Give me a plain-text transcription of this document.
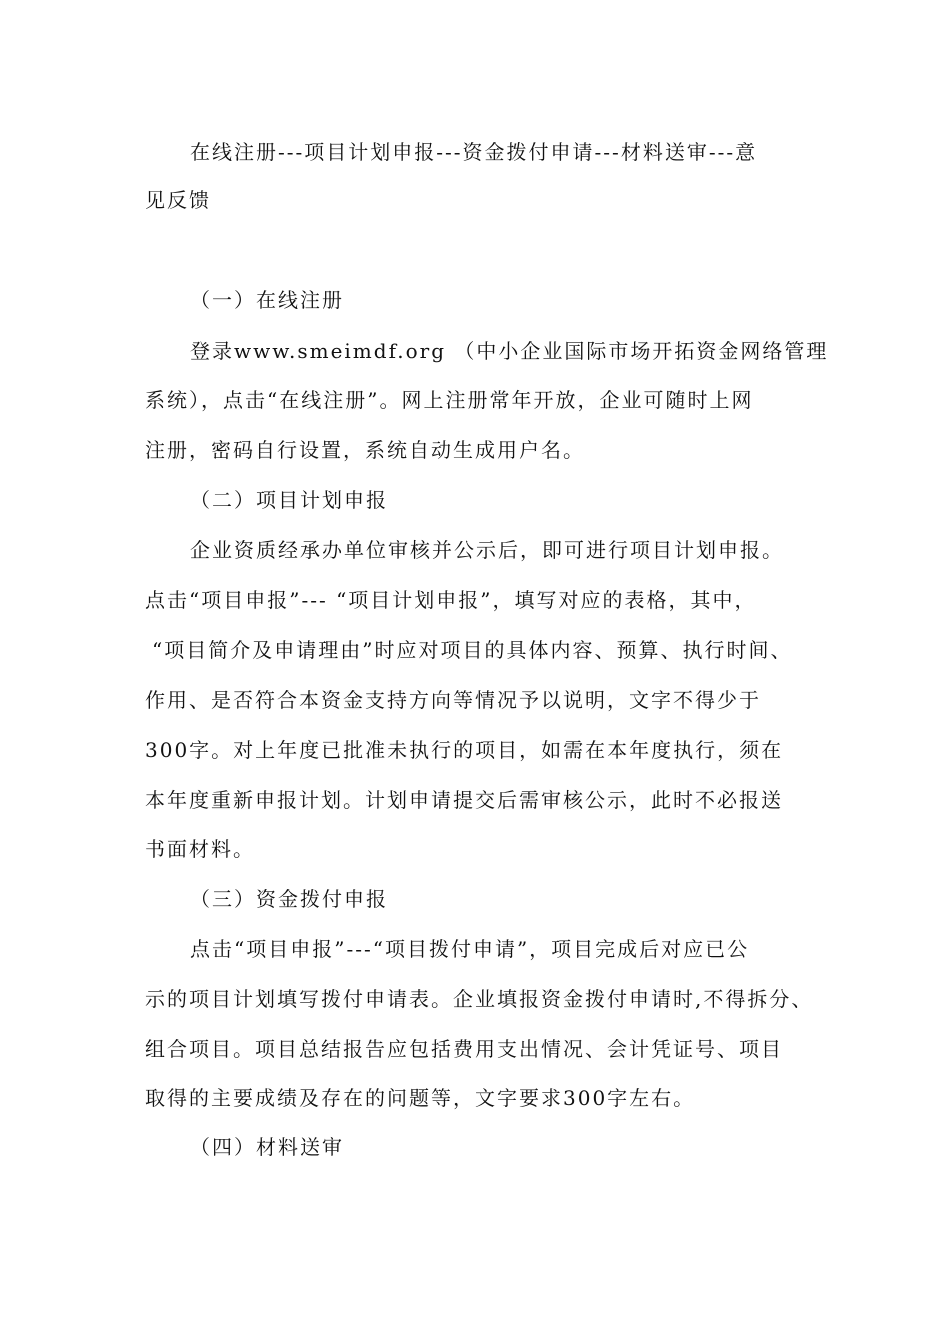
在线注册---项目计划申报---资金拨付申请---材料送审---意
见反馈
（一）在线注册
登录www.smeimdf.org （中小企业国际市场开拓资金网络管理
系统），点击“在线注册”。网上注册常年开放，企业可随时上网
注册，密码自行设置，系统自动生成用户名。
（二）项目计划申报
企业资质经承办单位审核并公示后，即可进行项目计划申报。
点击“项目申报”--- “项目计划申报”，填写对应的表格，其中，
“项目简介及申请理由”时应对项目的具体内容、预算、执行时间、
作用、是否符合本资金支持方向等情况予以说明，文字不得少于
300字。对上年度已批准未执行的项目，如需在本年度执行，须在
本年度重新申报计划。计划申请提交后需审核公示，此时不必报送
书面材料。
（三）资金拨付申报
点击“项目申报”---“项目拨付申请”，项目完成后对应已公
示的项目计划填写拨付申请表。企业填报资金拨付申请时,不得拆分、
组合项目。项目总结报告应包括费用支出情况、会计凭证号、项目
取得的主要成绩及存在的问题等，文字要求300字左右。
（四）材料送审
